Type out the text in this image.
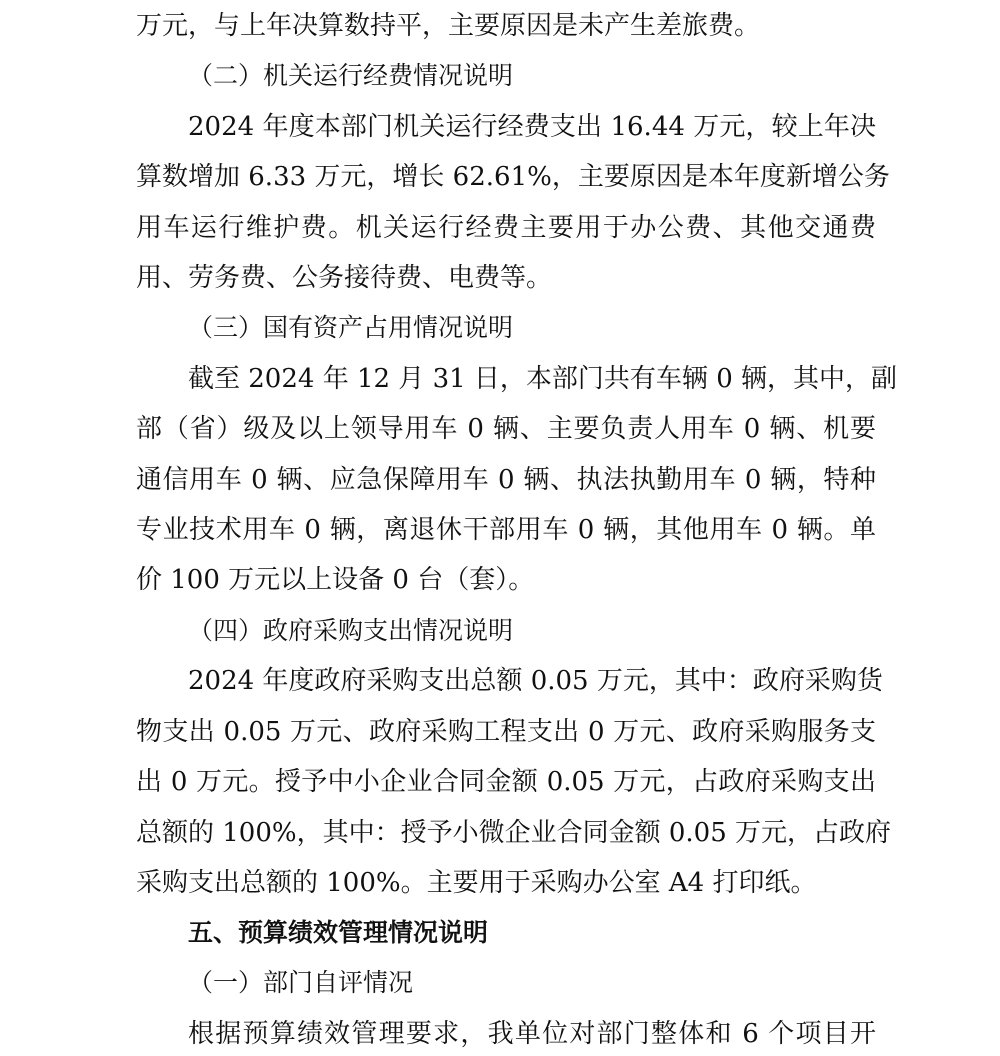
万元，与上年决算数持平，主要原因是未产生差旅费。
（二）机关运行经费情况说明
2024 年度本部门机关运行经费支出 16.44 万元，较上年决
算数增加 6.33 万元，增长 62.61%，主要原因是本年度新增公务
用车运行维护费。机关运行经费主要用于办公费、其他交通费
用、劳务费、公务接待费、电费等。
（三）国有资产占用情况说明
截至 2024 年 12 月 31 日，本部门共有车辆 0 辆，其中，副
部（省）级及以上领导用车 0 辆、主要负责人用车 0 辆、机要
通信用车 0 辆、应急保障用车 0 辆、执法执勤用车 0 辆，特种
专业技术用车 0 辆，离退休干部用车 0 辆，其他用车 0 辆。单
价 100 万元以上设备 0 台（套）。
（四）政府采购支出情况说明
2024 年度政府采购支出总额 0.05 万元，其中：政府采购货
物支出 0.05 万元、政府采购工程支出 0 万元、政府采购服务支
出 0 万元。授予中小企业合同金额 0.05 万元，占政府采购支出
总额的 100%，其中：授予小微企业合同金额 0.05 万元，占政府
采购支出总额的 100%。主要用于采购办公室 A4 打印纸。
五、预算绩效管理情况说明
（一）部门自评情况
根据预算绩效管理要求，我单位对部门整体和 6 个项目开
